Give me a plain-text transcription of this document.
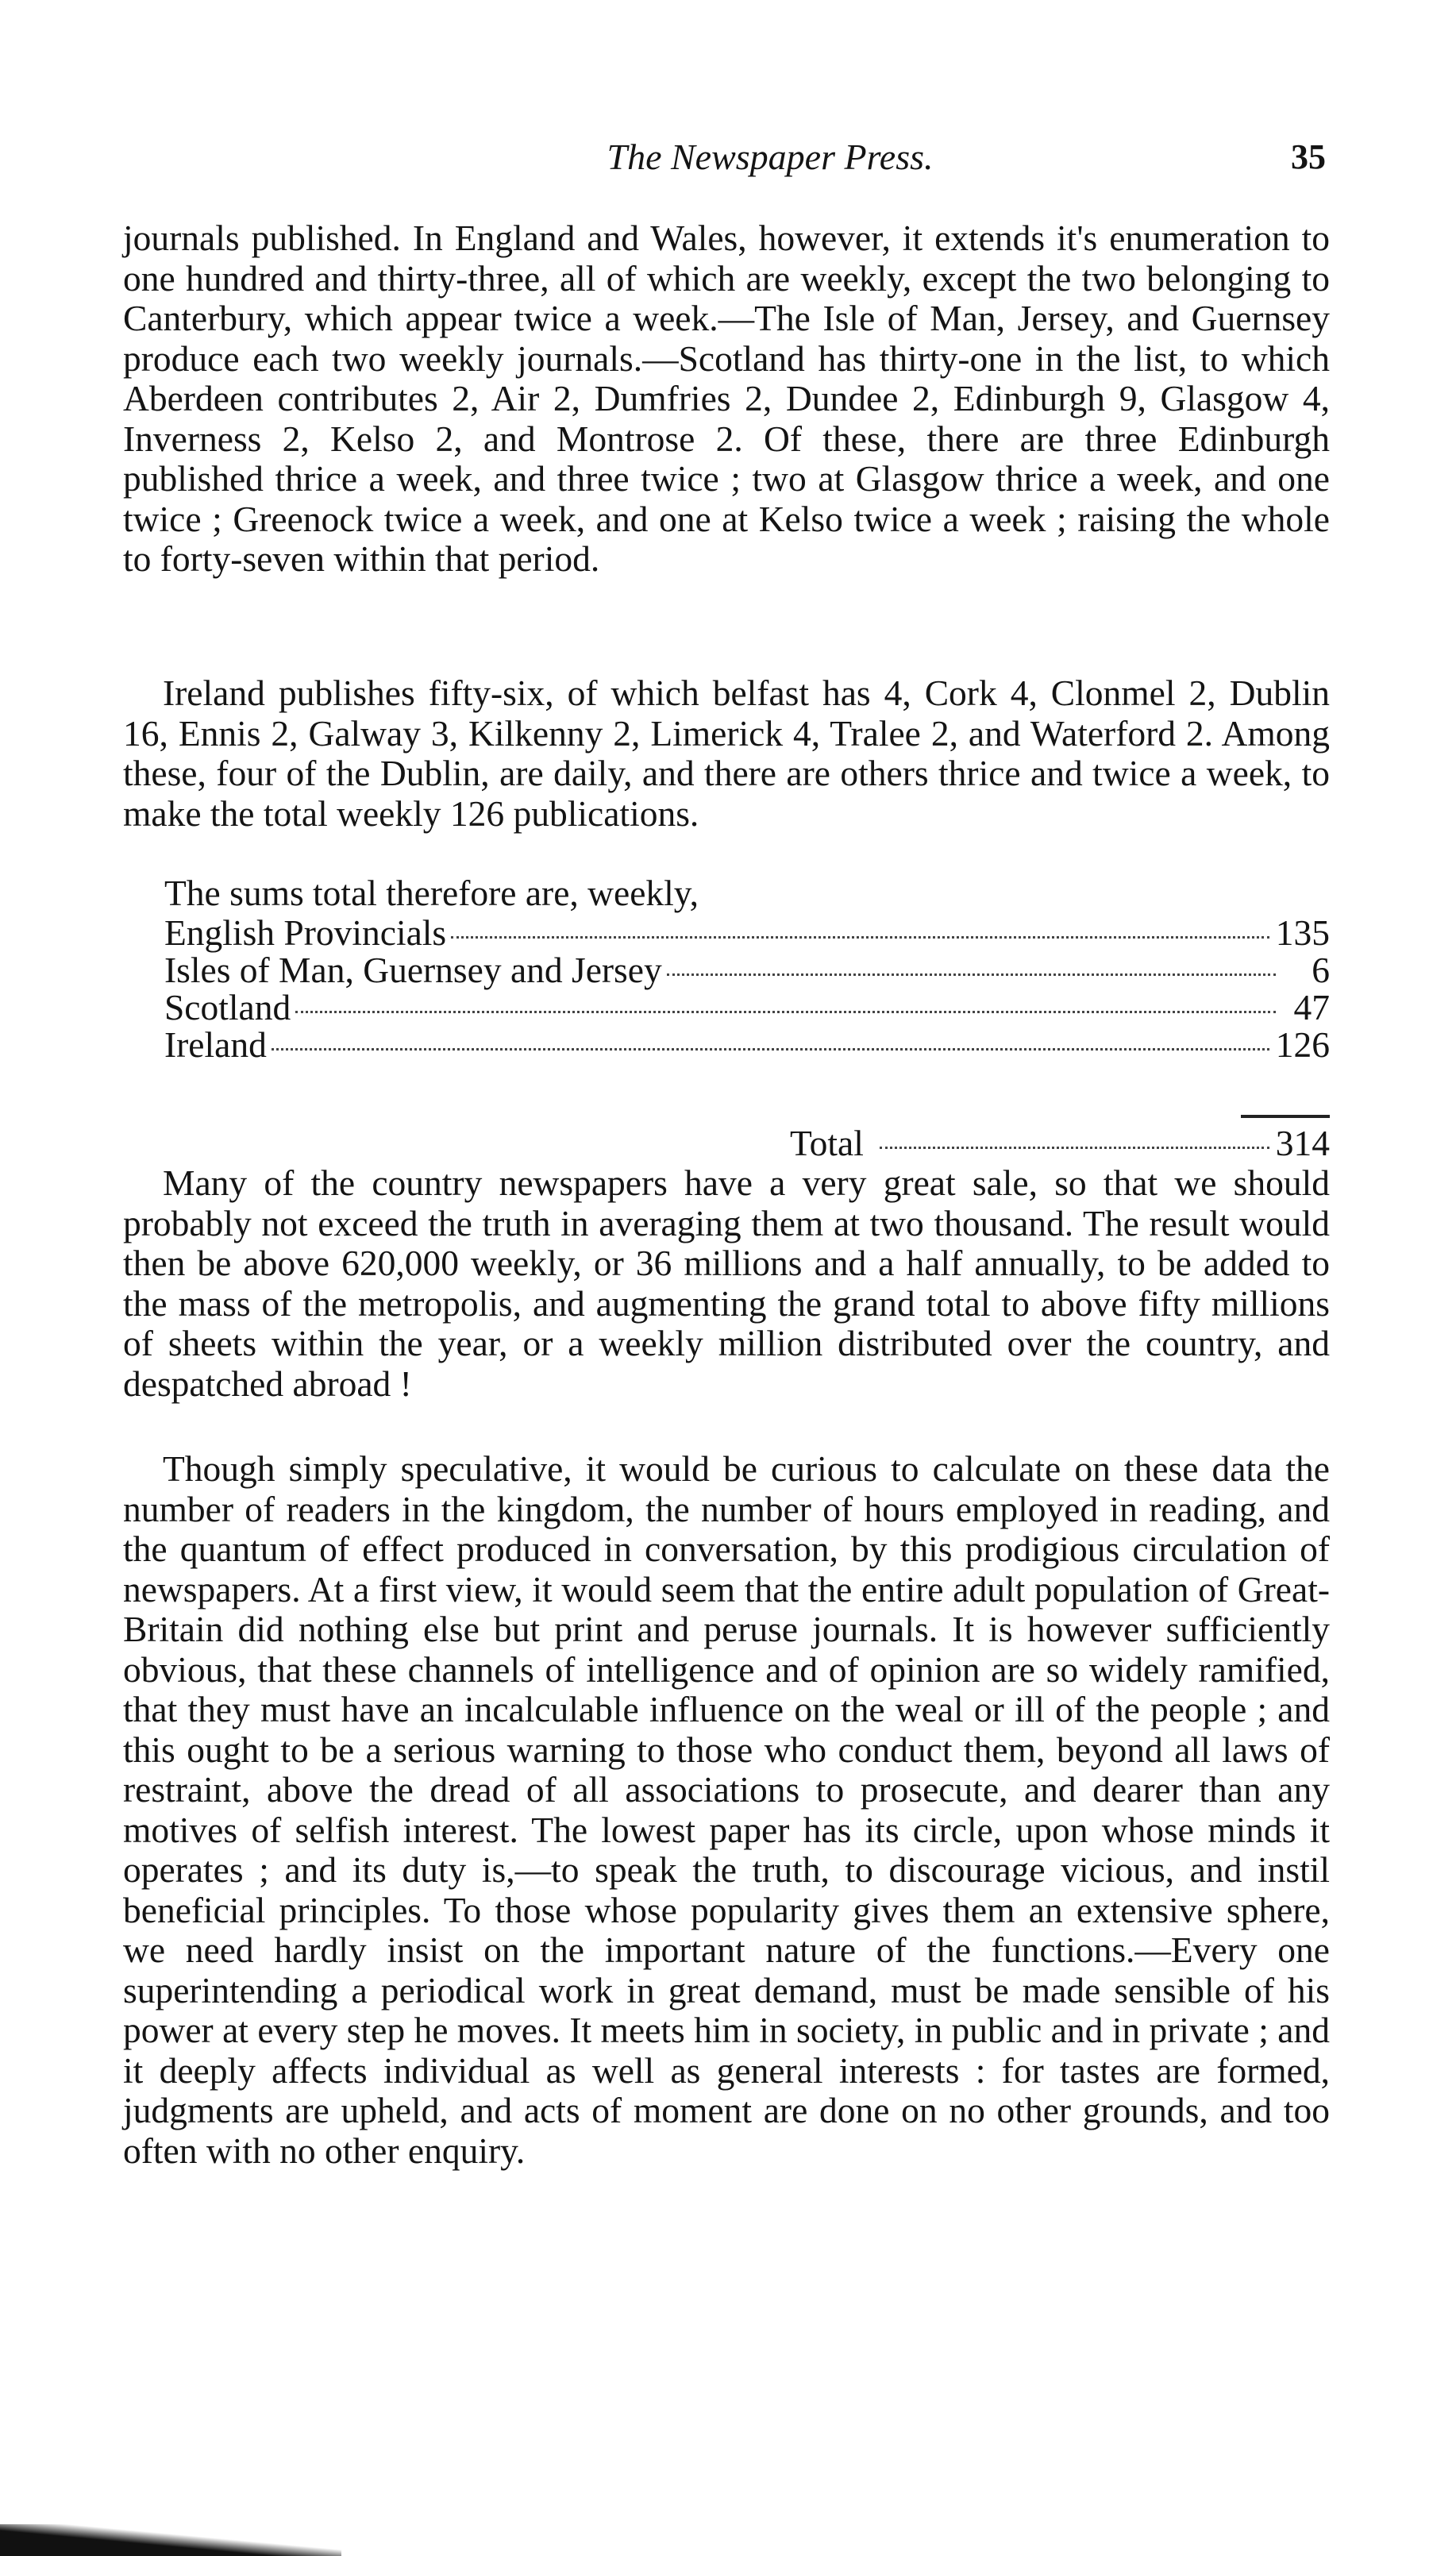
The Newspaper Press.	35

journals published. In England and Wales, however, it extends it's enumeration to one hundred and thirty-three, all of which are weekly, except the two belonging to Canterbury, which appear twice a week.—The Isle of Man, Jersey, and Guernsey produce each two weekly journals.—Scotland has thirty-one in the list, to which Aberdeen contributes 2, Air 2, Dumfries 2, Dundee 2, Edinburgh 9, Glasgow 4, Inverness 2, Kelso 2, and Montrose 2. Of these, there are three Edinburgh published thrice a week, and three twice ; two at Glasgow thrice a week, and one twice ; Greenock twice a week, and one at Kelso twice a week ; raising the whole to forty-seven within that period.

Ireland publishes fifty-six, of which belfast has 4, Cork 4, Clonmel 2, Dublin 16, Ennis 2, Galway 3, Kilkenny 2, Limerick 4, Tralee 2, and Waterford 2. Among these, four of the Dublin, are daily, and there are others thrice and twice a week, to make the total weekly 126 publications.

The sums total therefore are, weekly,

English Provincials	135
Isles of Man, Guernsey and Jersey	6
Scotland	47
Ireland	126
Total	314

Many of the country newspapers have a very great sale, so that we should probably not exceed the truth in averaging them at two thousand. The result would then be above 620,000 weekly, or 36 millions and a half annually, to be added to the mass of the metropolis, and augmenting the grand total to above fifty millions of sheets within the year, or a weekly million distributed over the country, and despatched abroad !

Though simply speculative, it would be curious to calculate on these data the number of readers in the kingdom, the number of hours employed in reading, and the quantum of effect produced in conversation, by this prodigious circulation of newspapers. At a first view, it would seem that the entire adult population of Great-Britain did nothing else but print and peruse journals. It is however sufficiently obvious, that these channels of intelligence and of opinion are so widely ramified, that they must have an incalculable influence on the weal or ill of the people ; and this ought to be a serious warning to those who conduct them, beyond all laws of restraint, above the dread of all associations to prosecute, and dearer than any motives of selfish interest. The lowest paper has its circle, upon whose minds it operates ; and its duty is,—to speak the truth, to discourage vicious, and instil beneficial principles. To those whose popularity gives them an extensive sphere, we need hardly insist on the important nature of the functions.—Every one superintending a periodical work in great demand, must be made sensible of his power at every step he moves. It meets him in society, in public and in private ; and it deeply affects individual as well as general interests : for tastes are formed, judgments are upheld, and acts of moment are done on no other grounds, and too often with no other enquiry.
